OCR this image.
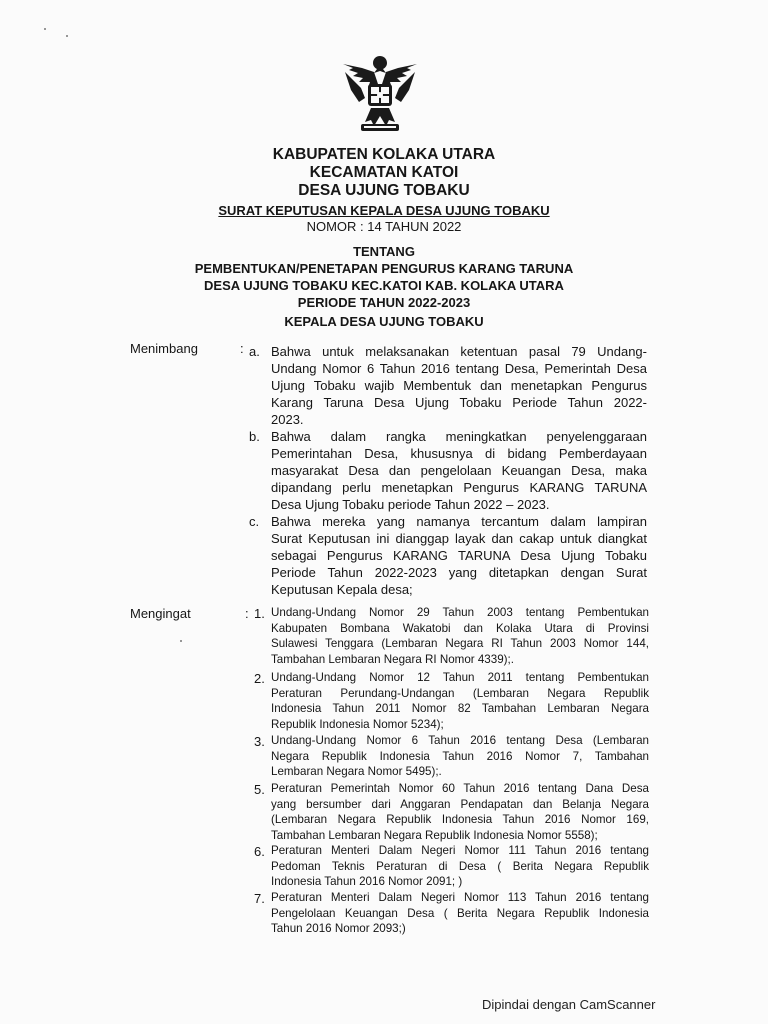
KABUPATEN KOLAKA UTARA
KECAMATAN KATOI
DESA UJUNG TOBAKU
SURAT KEPUTUSAN KEPALA DESA UJUNG TOBAKU
NOMOR : 14 TAHUN 2022
TENTANG
PEMBENTUKAN/PENETAPAN PENGURUS KARANG TARUNA
DESA UJUNG TOBAKU KEC.KATOI KAB. KOLAKA UTARA
PERIODE TAHUN 2022-2023
KEPALA DESA UJUNG TOBAKU
Menimbang	: a. Bahwa untuk melaksanakan ketentuan pasal 79 Undang-
Undang Nomor 6 Tahun 2016 tentang Desa, Pemerintah Desa
Ujung Tobaku wajib Membentuk dan menetapkan Pengurus
Karang Taruna Desa Ujung Tobaku Periode Tahun 2022-
2023.
b. Bahwa dalam rangka meningkatkan penyelenggaraan
Pemerintahan Desa, khususnya di bidang Pemberdayaan
masyarakat Desa dan pengelolaan Keuangan Desa, maka
dipandang perlu menetapkan Pengurus KARANG TARUNA
Desa Ujung Tobaku periode Tahun 2022 – 2023.
c. Bahwa mereka yang namanya tercantum dalam lampiran
Surat Keputusan ini dianggap layak dan cakap untuk diangkat
sebagai Pengurus KARANG TARUNA Desa Ujung Tobaku
Periode Tahun 2022-2023 yang ditetapkan dengan Surat
Keputusan Kepala desa;
Mengingat	: 1. Undang-Undang Nomor 29 Tahun 2003 tentang Pembentukan
Kabupaten Bombana Wakatobi dan Kolaka Utara di Provinsi
Sulawesi Tenggara (Lembaran Negara RI Tahun 2003 Nomor 144,
Tambahan Lembaran Negara RI Nomor 4339);.
2. Undang-Undang Nomor 12 Tahun 2011 tentang Pembentukan
Peraturan Perundang-Undangan (Lembaran Negara Republik
Indonesia Tahun 2011 Nomor 82 Tambahan Lembaran Negara
Republik Indonesia Nomor 5234);
3. Undang-Undang Nomor 6 Tahun 2016 tentang Desa (Lembaran
Negara Republik Indonesia Tahun 2016 Nomor 7, Tambahan
Lembaran Negara Nomor 5495);.
5. Peraturan Pemerintah Nomor 60 Tahun 2016 tentang Dana Desa
yang bersumber dari Anggaran Pendapatan dan Belanja Negara
(Lembaran Negara Republik Indonesia Tahun 2016 Nomor 169,
Tambahan Lembaran Negara Republik Indonesia Nomor 5558);
6. Peraturan Menteri Dalam Negeri Nomor 111 Tahun 2016 tentang
Pedoman Teknis Peraturan di Desa ( Berita Negara Republik
Indonesia Tahun 2016 Nomor 2091; )
7. Peraturan Menteri Dalam Negeri Nomor 113 Tahun 2016 tentang
Pengelolaan Keuangan Desa ( Berita Negara Republik Indonesia
Tahun 2016 Nomor 2093;)
Dipindai dengan CamScanner
